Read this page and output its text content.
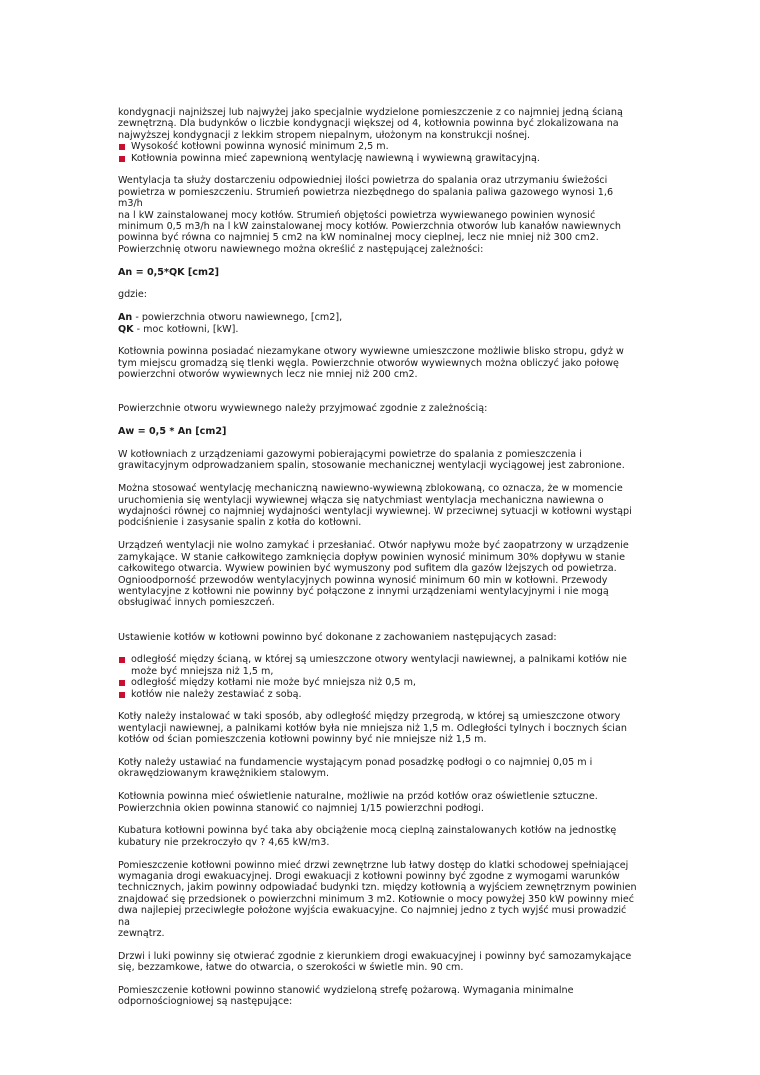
kondygnacji najniższej lub najwyżej jako specjalnie wydzielone pomieszczenie z co najmniej jedną ścianą
zewnętrzną. Dla budynków o liczbie kondygnacji większej od 4, kotłownia powinna być zlokalizowana na
najwyższej kondygnacji z lekkim stropem niepalnym, ułożonym na konstrukcji nośnej.

Wysokość kotłowni powinna wynosić minimum 2,5 m.
Kotłownia powinna mieć zapewnioną wentylację nawiewną i wywiewną grawitacyjną.

Wentylacja ta służy dostarczeniu odpowiedniej ilości powietrza do spalania oraz utrzymaniu świeżości
powietrza w pomieszczeniu. Strumień powietrza niezbędnego do spalania paliwa gazowego wynosi 1,6 m3/h
na l kW zainstalowanej mocy kotłów. Strumień objętości powietrza wywiewanego powinien wynosić
minimum 0,5 m3/h na l kW zainstalowanej mocy kotłów. Powierzchnia otworów lub kanałów nawiewnych
powinna być równa co najmniej 5 cm2 na kW nominalnej mocy cieplnej, lecz nie mniej niż 300 cm2.
Powierzchnię otworu nawiewnego można określić z następującej zależności:

An = 0,5*QK [cm2]

gdzie:

An - powierzchnia otworu nawiewnego, [cm2],
QK - moc kotłowni, [kW].

Kotłownia powinna posiadać niezamykane otwory wywiewne umieszczone możliwie blisko stropu, gdyż w
tym miejscu gromadzą się tlenki węgla. Powierzchnie otworów wywiewnych można obliczyć jako połowę
powierzchni otworów wywiewnych lecz nie mniej niż 200 cm2.

Powierzchnie otworu wywiewnego należy przyjmować zgodnie z zależnością:

Aw = 0,5 * An [cm2]

W kotłowniach z urządzeniami gazowymi pobierającymi powietrze do spalania z pomieszczenia i
grawitacyjnym odprowadzaniem spalin, stosowanie mechanicznej wentylacji wyciągowej jest zabronione.

Można stosować wentylację mechaniczną nawiewno-wywiewną zblokowaną, co oznacza, że w momencie
uruchomienia się wentylacji wywiewnej włącza się natychmiast wentylacja mechaniczna nawiewna o
wydajności równej co najmniej wydajności wentylacji wywiewnej. W przeciwnej sytuacji w kotłowni wystąpi
podciśnienie i zasysanie spalin z kotła do kotłowni.

Urządzeń wentylacji nie wolno zamykać i przesłaniać. Otwór napływu może być zaopatrzony w urządzenie
zamykające. W stanie całkowitego zamknięcia dopływ powinien wynosić minimum 30% dopływu w stanie
całkowitego otwarcia. Wywiew powinien być wymuszony pod sufitem dla gazów lżejszych od powietrza.
Ognioodporność przewodów wentylacyjnych powinna wynosić minimum 60 min w kotłowni. Przewody
wentylacyjne z kotłowni nie powinny być połączone z innymi urządzeniami wentylacyjnymi i nie mogą
obsługiwać innych pomieszczeń.

Ustawienie kotłów w kotłowni powinno być dokonane z zachowaniem następujących zasad:

odległość między ścianą, w której są umieszczone otwory wentylacji nawiewnej, a palnikami kotłów nie
może być mniejsza niż 1,5 m,
odległość między kotłami nie może być mniejsza niż 0,5 m,
kotłów nie należy zestawiać z sobą.

Kotły należy instalować w taki sposób, aby odległość między przegrodą, w której są umieszczone otwory
wentylacji nawiewnej, a palnikami kotłów była nie mniejsza niż 1,5 m. Odległości tylnych i bocznych ścian
kotłów od ścian pomieszczenia kotłowni powinny być nie mniejsze niż 1,5 m.

Kotły należy ustawiać na fundamencie wystającym ponad posadzkę podłogi o co najmniej 0,05 m i
okrawędziowanym krawężnikiem stalowym.

Kotłownia powinna mieć oświetlenie naturalne, możliwie na przód kotłów oraz oświetlenie sztuczne.
Powierzchnia okien powinna stanowić co najmniej 1/15 powierzchni podłogi.

Kubatura kotłowni powinna być taka aby obciążenie mocą cieplną zainstalowanych kotłów na jednostkę
kubatury nie przekroczyło qv ? 4,65 kW/m3.

Pomieszczenie kotłowni powinno mieć drzwi zewnętrzne lub łatwy dostęp do klatki schodowej spełniającej
wymagania drogi ewakuacyjnej. Drogi ewakuacji z kotłowni powinny być zgodne z wymogami warunków
technicznych, jakim powinny odpowiadać budynki tzn. między kotłownią a wyjściem zewnętrznym powinien
znajdować się przedsionek o powierzchni minimum 3 m2. Kotłownie o mocy powyżej 350 kW powinny mieć
dwa najlepiej przeciwległe położone wyjścia ewakuacyjne. Co najmniej jedno z tych wyjść musi prowadzić na
zewnątrz.

Drzwi i luki powinny się otwierać zgodnie z kierunkiem drogi ewakuacyjnej i powinny być samozamykające
się, bezzamkowe, łatwe do otwarcia, o szerokości w świetle min. 90 cm.

Pomieszczenie kotłowni powinno stanowić wydzieloną strefę pożarową. Wymagania minimalne
odpornościogniowej są następujące:
